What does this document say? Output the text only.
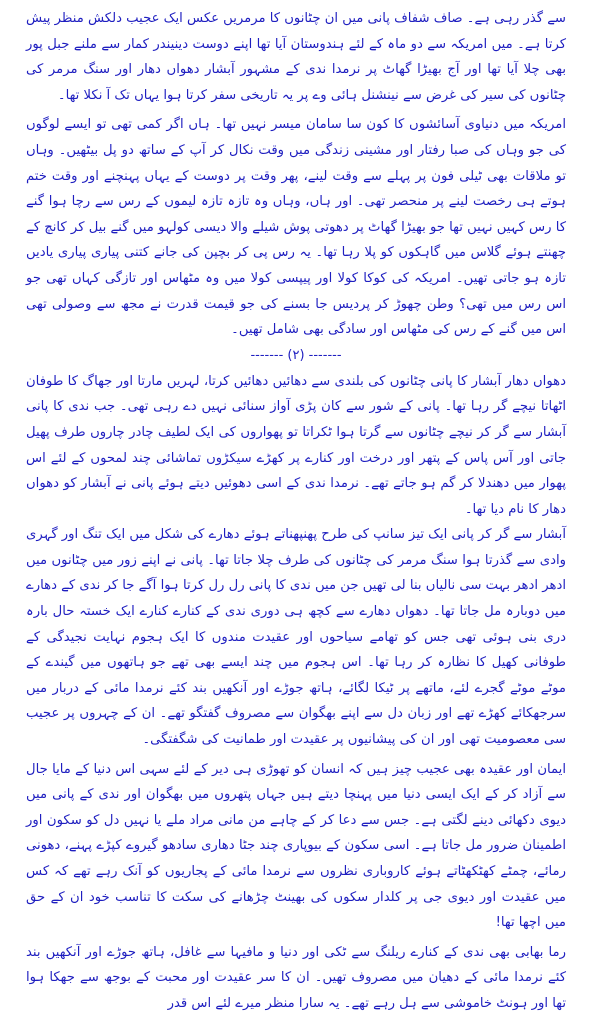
سے گذر رہی ہے۔ صاف شفاف پانی میں ان چٹانوں کا مرمریں عکس ایک عجیب دلکش منظر پیش کرتا ہے۔ میں امریکہ سے دو ماہ کے لئے ہندوستان آیا تھا اپنے دوست دینیندر کمار سے ملنے جبل پور بھی چلا آیا تھا اور آج بھیڑا گھاٹ پر نرمدا ندی کے مشہور آبشار دھواں دھار اور سنگ مرمر کی چٹانوں کی سیر کی غرض سے نینشنل ہائی وے پر یہ تاریخی سفر کرتا ہوا یہاں تک آ نکلا تھا۔

امریکہ میں دنیاوی آسائشوں کا کون سا سامان میسر نہیں تھا۔ ہاں اگر کمی تھی تو ایسے لوگوں کی جو وہاں کی صبا رفتار اور مشینی زندگی میں وقت نکال کر آپ کے ساتھ دو پل بیٹھیں۔ وہاں تو ملاقات بھی ٹیلی فون پر پہلے سے وقت لینے، پھر وقت پر دوست کے یہاں پہنچنے اور وقت ختم ہوتے ہی رخصت لینے پر منحصر تھی۔ اور ہاں، وہاں وہ تازہ تازہ لیموں کے رس سے رچا ہوا گنے کا رس کہیں نہیں تھا جو بھیڑا گھاٹ پر دھوتی پوش شیلے والا دیسی کولہو میں گنے بیل کر کانچ کے چھنتے ہوئے گلاس میں گاہکوں کو پلا رہا تھا۔ یہ رس پی کر بچپن کی جانے کتنی پیاری پیاری یادیں تازہ ہو جاتی تھیں۔ امریکہ کی کوکا کولا اور پیپسی کولا میں وہ مٹھاس اور تازگی کہاں تھی جو اس رس میں تھی؟ وطن چھوڑ کر پردیس جا بسنے کی جو قیمت قدرت نے مجھ سے وصولی تھی اس میں گنے کے رس کی مٹھاس اور سادگی بھی شامل تھیں۔

------- (۲) -------

دھواں دھار آبشار کا پانی چٹانوں کی بلندی سے دھائیں دھائیں کرتا، لہریں مارتا اور جھاگ کا طوفان اٹھاتا نیچے گر رہا تھا۔ پانی کے شور سے کان پڑی آواز سنائی نہیں دے رہی تھی۔ جب ندی کا پانی آبشار سے گر کر نیچے چٹانوں سے گرتا ہوا ٹکراتا تو پھواروں کی ایک لطیف چادر چاروں طرف پھیل جاتی اور آس پاس کے پتھر اور درخت اور کنارے پر کھڑے سیکڑوں تماشائی چند لمحوں کے لئے اس پھوار میں دھندلا کر گم ہو جاتے تھے۔ نرمدا ندی کے اسی دھوئیں دیتے ہوئے پانی نے آبشار کو دھواں دھار کا نام دیا تھا۔

آبشار سے گر کر پانی ایک تیز سانپ کی طرح پھنپھناتے ہوئے دھارے کی شکل میں ایک تنگ اور گہری وادی سے گذرتا ہوا سنگ مرمر کی چٹانوں کی طرف چلا جاتا تھا۔ پانی نے اپنے زور میں چٹانوں میں ادھر ادھر بہت سی نالیاں بنا لی تھیں جن میں ندی کا پانی رل رل کرتا ہوا آگے جا کر ندی کے دھارے میں دوبارہ مل جاتا تھا۔ دھواں دھارے سے کچھ ہی دوری ندی کے کنارے کنارے ایک خستہ حال بارہ دری بنی ہوئی تھی جس کو تھامے سیاحوں اور عقیدت مندوں کا ایک ہجوم نہایت نجیدگی کے طوفانی کھیل کا نظارہ کر رہا تھا۔ اس ہجوم میں چند ایسے بھی تھے جو ہاتھوں میں گیندے کے موٹے موٹے گجرے لئے، ماتھے پر ٹیکا لگائے، ہاتھ جوڑے اور آنکھیں بند کئے نرمدا مائی کے دربار میں سرجھکائے کھڑے تھے اور زبان دل سے اپنے بھگوان سے مصروف گفتگو تھے۔ ان کے چہروں پر عجیب سی معصومیت تھی اور ان کی پیشانیوں پر عقیدت اور طمانیت کی شگفتگی۔

ایمان اور عقیدہ بھی عجیب چیز ہیں کہ انسان کو تھوڑی ہی دیر کے لئے سہی اس دنیا کے مایا جال سے آزاد کر کے ایک ایسی دنیا میں پہنچا دیتے ہیں جہاں پتھروں میں بھگوان اور ندی کے پانی میں دیوی دکھائی دینے لگتی ہے۔ جس سے دعا کر کے چاہے من مانی مراد ملے یا نہیں دل کو سکون اور اطمینان ضرور مل جاتا ہے۔ اسی سکون کے بیوپاری چند جٹا دھاری سادھو گیروے کپڑے پہنے، دھونی رمائے، چمٹے کھٹکھٹاتے ہوئے کاروباری نظروں سے نرمدا مائی کے پجاریوں کو آنک رہے تھے کہ کس میں عقیدت اور دیوی جی پر کلدار سکوں کی بھینٹ چڑھانے کی سکت کا تناسب خود ان کے حق میں اچھا تھا!

رما بھابی بھی ندی کے کنارے ریلنگ سے ٹکی اور دنیا و مافیہا سے غافل، ہاتھ جوڑے اور آنکھیں بند کئے نرمدا مائی کے دھیان میں مصروف تھیں۔ ان کا سر عقیدت اور محبت کے بوجھ سے جھکا ہوا تھا اور ہونٹ خاموشی سے ہل رہے تھے۔ یہ سارا منظر میرے لئے اس قدر
